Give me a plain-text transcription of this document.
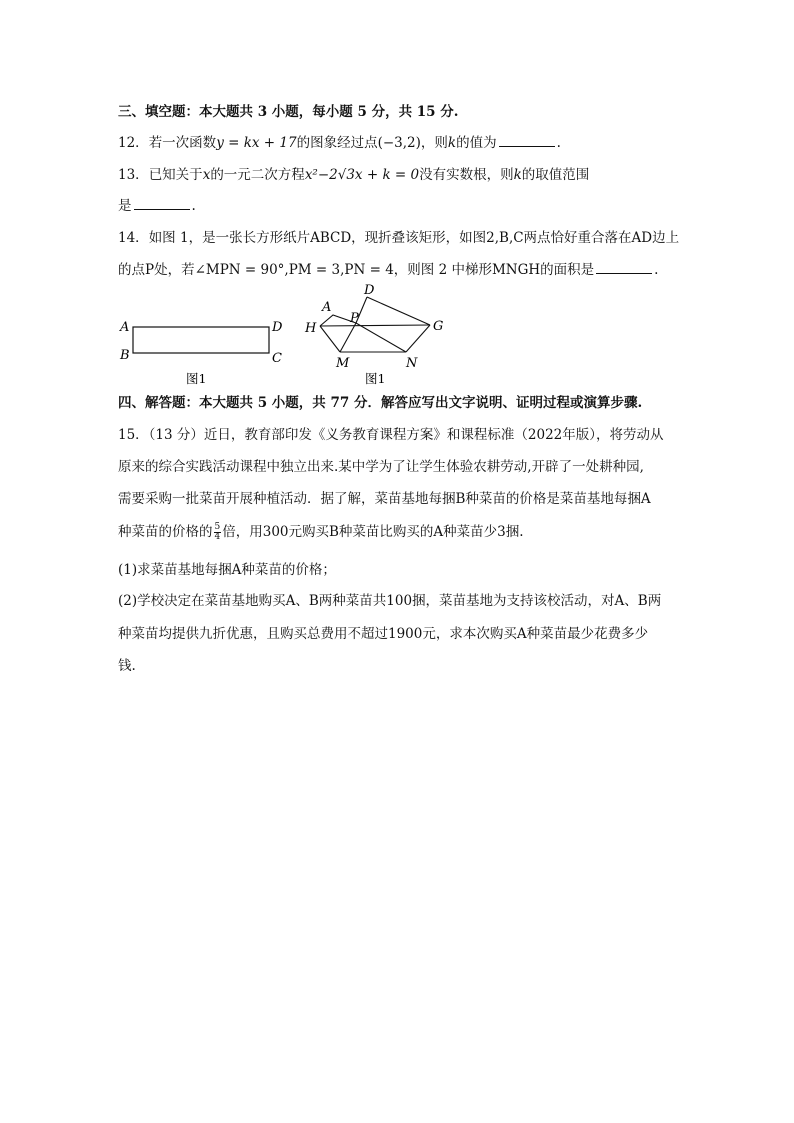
三、填空题：本大题共 3 小题，每小题 5 分，共 15 分.
12．若一次函数y = kx + 17的图象经过点(−3,2)，则k的值为	.
13．已知关于x的一元二次方程x²−2√3x + k = 0没有实数根，则k的取值范围
是	.
14．如图 1，是一张长方形纸片ABCD，现折叠该矩形，如图2,B,C两点恰好重合落在AD边上
的点P处，若∠MPN = 90°,PM = 3,PN = 4，则图 2 中梯形MNGH的面积是	.
A	D
B	C
图1
A
D
H
P
G
M	N
图1
四、解答题：本大题共 5 小题，共 77 分．解答应写出文字说明、证明过程或演算步骤.
15．（13 分）近日，教育部印发《义务教育课程方案》和课程标准（2022年版），将劳动从
原来的综合实践活动课程中独立出来.某中学为了让学生体验农耕劳动,开辟了一处耕种园,
需要采购一批菜苗开展种植活动．据了解，菜苗基地每捆B种菜苗的价格是菜苗基地每捆A
种菜苗的价格的 $\frac{5}{4}$ 倍，用300元购买B种菜苗比购买的A种菜苗少3捆.
(1)求菜苗基地每捆A种菜苗的价格；
(2)学校决定在菜苗基地购买A、B两种菜苗共100捆，菜苗基地为支持该校活动，对A、B两
种菜苗均提供九折优惠，且购买总费用不超过1900元，求本次购买A种菜苗最少花费多少
钱.
